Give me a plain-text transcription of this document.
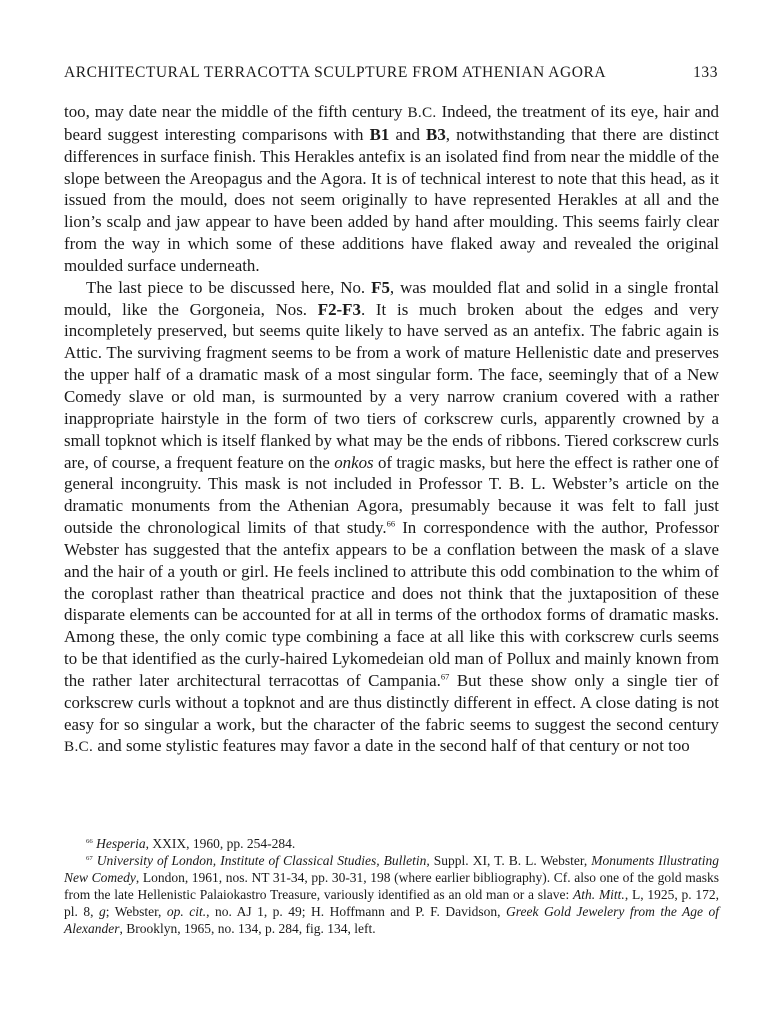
ARCHITECTURAL TERRACOTTA SCULPTURE FROM ATHENIAN AGORA	133

too, may date near the middle of the fifth century B.C. Indeed, the treatment of its eye, hair and beard suggest interesting comparisons with B1 and B3, notwithstanding that there are distinct differences in surface finish. This Herakles antefix is an isolated find from near the middle of the slope between the Areopagus and the Agora. It is of technical interest to note that this head, as it issued from the mould, does not seem originally to have represented Herakles at all and the lion’s scalp and jaw appear to have been added by hand after moulding. This seems fairly clear from the way in which some of these additions have flaked away and revealed the original moulded surface underneath.

The last piece to be discussed here, No. F5, was moulded flat and solid in a single frontal mould, like the Gorgoneia, Nos. F2-F3. It is much broken about the edges and very incompletely preserved, but seems quite likely to have served as an antefix. The fabric again is Attic. The surviving fragment seems to be from a work of mature Hellenistic date and preserves the upper half of a dramatic mask of a most singular form. The face, seemingly that of a New Comedy slave or old man, is surmounted by a very narrow cranium covered with a rather inappropriate hairstyle in the form of two tiers of corkscrew curls, apparently crowned by a small topknot which is itself flanked by what may be the ends of ribbons. Tiered corkscrew curls are, of course, a frequent feature on the onkos of tragic masks, but here the effect is rather one of general incongruity. This mask is not included in Professor T. B. L. Webster’s article on the dramatic monuments from the Athenian Agora, presumably because it was felt to fall just outside the chronological limits of that study.$^{66}$ In correspondence with the author, Professor Webster has suggested that the antefix appears to be a conflation between the mask of a slave and the hair of a youth or girl. He feels inclined to attribute this odd combination to the whim of the coroplast rather than theatrical practice and does not think that the juxtaposition of these disparate elements can be accounted for at all in terms of the orthodox forms of dramatic masks. Among these, the only comic type combining a face at all like this with corkscrew curls seems to be that identified as the curly-haired Lykomedeian old man of Pollux and mainly known from the rather later architectural terracottas of Campania.$^{67}$ But these show only a single tier of corkscrew curls without a topknot and are thus distinctly different in effect. A close dating is not easy for so singular a work, but the character of the fabric seems to suggest the second century B.C. and some stylistic features may favor a date in the second half of that century or not too

$^{66}$ Hesperia, XXIX, 1960, pp. 254-284.

$^{67}$ University of London, Institute of Classical Studies, Bulletin, Suppl. XI, T. B. L. Webster, Monuments Illustrating New Comedy, London, 1961, nos. NT 31-34, pp. 30-31, 198 (where earlier bibliography). Cf. also one of the gold masks from the late Hellenistic Palaiokastro Treasure, variously identified as an old man or a slave: Ath. Mitt., L, 1925, p. 172, pl. 8, g; Webster, op. cit., no. AJ 1, p. 49; H. Hoffmann and P. F. Davidson, Greek Gold Jewelery from the Age of Alexander, Brooklyn, 1965, no. 134, p. 284, fig. 134, left.
